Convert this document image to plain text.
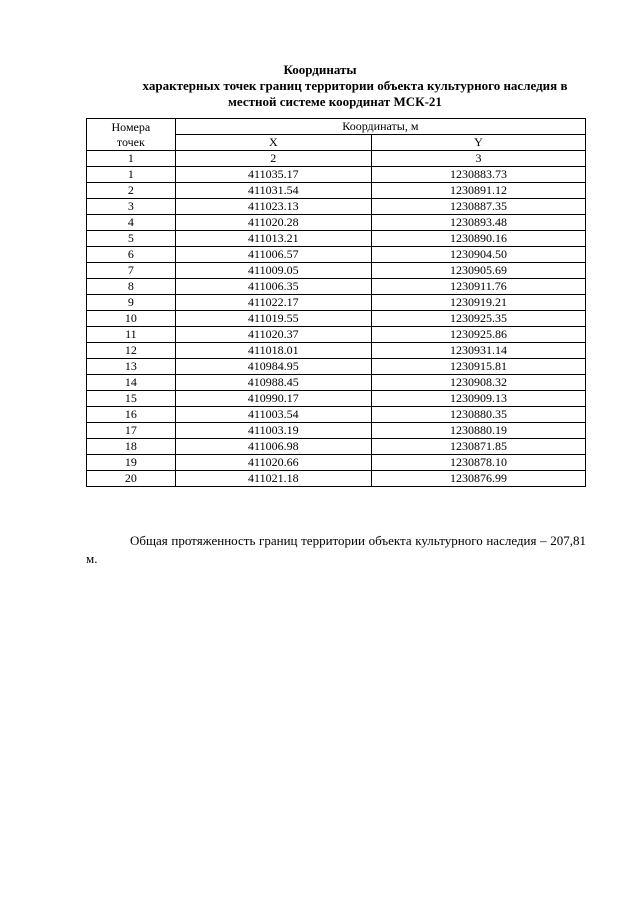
Координаты
характерных точек границ территории объекта культурного наследия в
местной системе координат МСК-21
Номера
точек	Координаты, м	
	X	Y
1	2	3
1	411035.17	1230883.73
2	411031.54	1230891.12
3	411023.13	1230887.35
4	411020.28	1230893.48
5	411013.21	1230890.16
6	411006.57	1230904.50
7	411009.05	1230905.69
8	411006.35	1230911.76
9	411022.17	1230919.21
10	411019.55	1230925.35
11	411020.37	1230925.86
12	411018.01	1230931.14
13	410984.95	1230915.81
14	410988.45	1230908.32
15	410990.17	1230909.13
16	411003.54	1230880.35
17	411003.19	1230880.19
18	411006.98	1230871.85
19	411020.66	1230878.10
20	411021.18	1230876.99
Общая протяженность границ территории объекта культурного наследия – 207,81 м.
